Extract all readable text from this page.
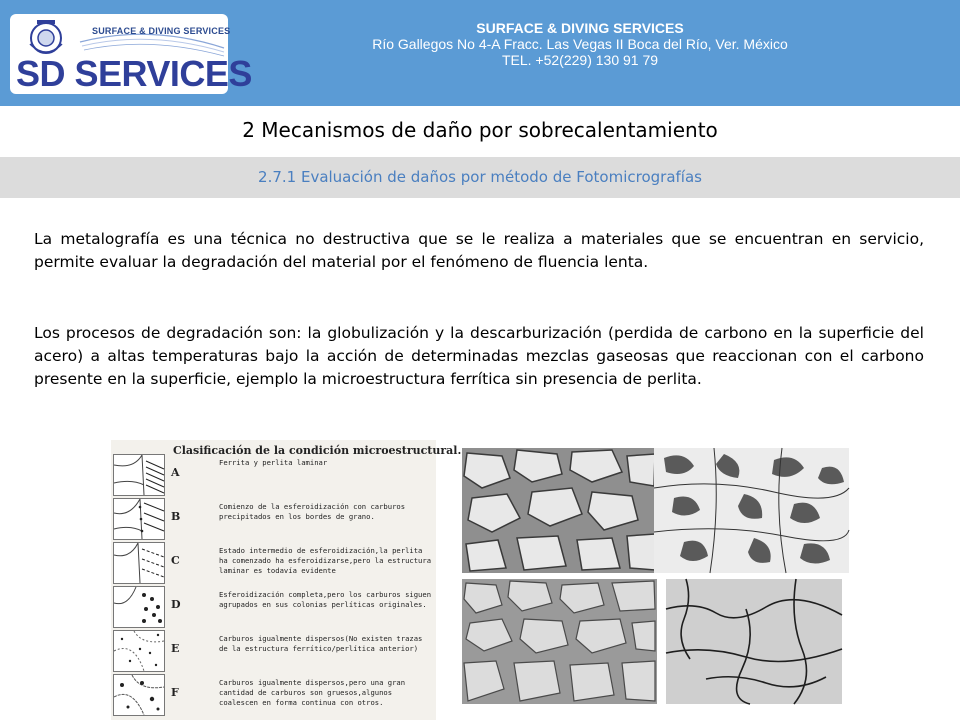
SURFACE & DIVING SERVICES
SD SERVICES
SURFACE & DIVING SERVICES
Río Gallegos No 4-A Fracc. Las Vegas II Boca del Río, Ver. México
TEL. +52(229) 130 91 79
2 Mecanismos de daño por sobrecalentamiento
2.7.1 Evaluación de daños por método de Fotomicrografías

La metalografía es una técnica no destructiva que se le realiza a materiales que se encuentran en servicio, permite evaluar la degradación del material por el fenómeno de fluencia lenta.

Los procesos de degradación son: la globulización y la descarburización (perdida de carbono en la superficie del acero) a altas temperaturas bajo la acción de determinadas mezclas gaseosas que reaccionan con el carbono presente en la superficie, ejemplo la microestructura ferrítica sin presencia de perlita.

Clasificación de la condición microestructural.
A
Ferrita y perlita laminar
B
Comienzo de la esferoidización con carburos precipitados en los bordes de grano.
C
Estado intermedio de esferoidización,la perlita ha comenzado ha esferoidizarse,pero la estructura laminar es todavía evidente
D
Esferoidización completa,pero los carburos siguen agrupados en sus colonias perlíticas originales.
E
Carburos igualmente dispersos(No existen trazas de la estructura ferrítico/perlítica anterior)
F
Carburos igualmente dispersos,pero una gran cantidad de carburos son gruesos,algunos coalescen en forma continua con otros.
